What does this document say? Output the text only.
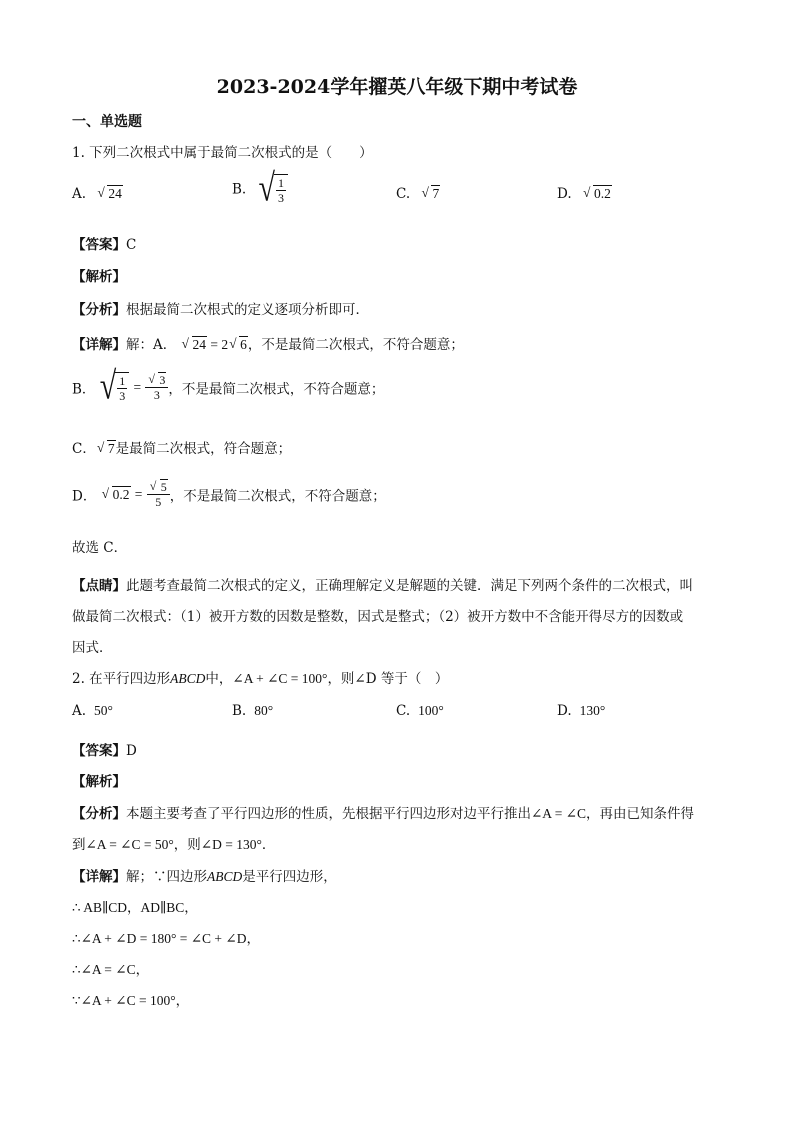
2023-2024学年擢英八年级下期中考试卷
一、单选题
1. 下列二次根式中属于最简二次根式的是（　　）
A. √ 24	B. √ $\frac{1}{3}$	C. √ 7	D. √ 0.2
【答案】C
【解析】
【分析】根据最简二次根式的定义逐项分析即可．
【详解】解：A． √ 24 = 2 √ 6，不是最简二次根式，不符合题意；
B． √ $\frac{1}{3}$ = √ $\frac{3}{3}$ ，不是最简二次根式，不符合题意；
C． √ 7是最简二次根式，符合题意；
D． √ 0.2 = √ $\frac{5}{5}$ ，不是最简二次根式，不符合题意；
故选 C．
【点睛】此题考查最简二次根式的定义，正确理解定义是解题的关键．满足下列两个条件的二次根式，叫
做最简二次根式：（1）被开方数的因数是整数，因式是整式；（2）被开方数中不含能开得尽方的因数或
因式．
2. 在平行四边形ABCD中，∠A + ∠C = 100°，则∠D 等于（　）
A. 50°	B. 80°	C. 100°	D. 130°
【答案】D
【解析】
【分析】本题主要考查了平行四边形的性质，先根据平行四边形对边平行推出∠A = ∠C，再由已知条件得
到∠A = ∠C = 50°，则∠D = 130°．
【详解】解；∵四边形ABCD是平行四边形，
∴ AB∥CD，AD∥BC，
∴∠A + ∠D = 180° = ∠C + ∠D，
∴∠A = ∠C，
∵∠A + ∠C = 100°，
